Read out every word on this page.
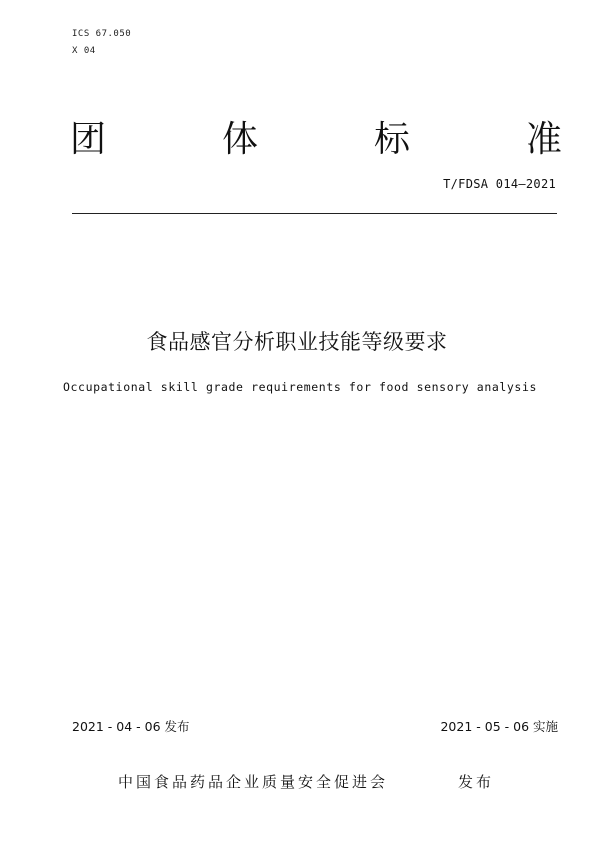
ICS 67.050
X 04
团	体	标	准
T/FDSA 014—2021
食品感官分析职业技能等级要求
Occupational skill grade requirements for food sensory analysis
2021 - 04 - 06 发布	2021 - 05 - 06 实施
中国食品药品企业质量安全促进会	发布
